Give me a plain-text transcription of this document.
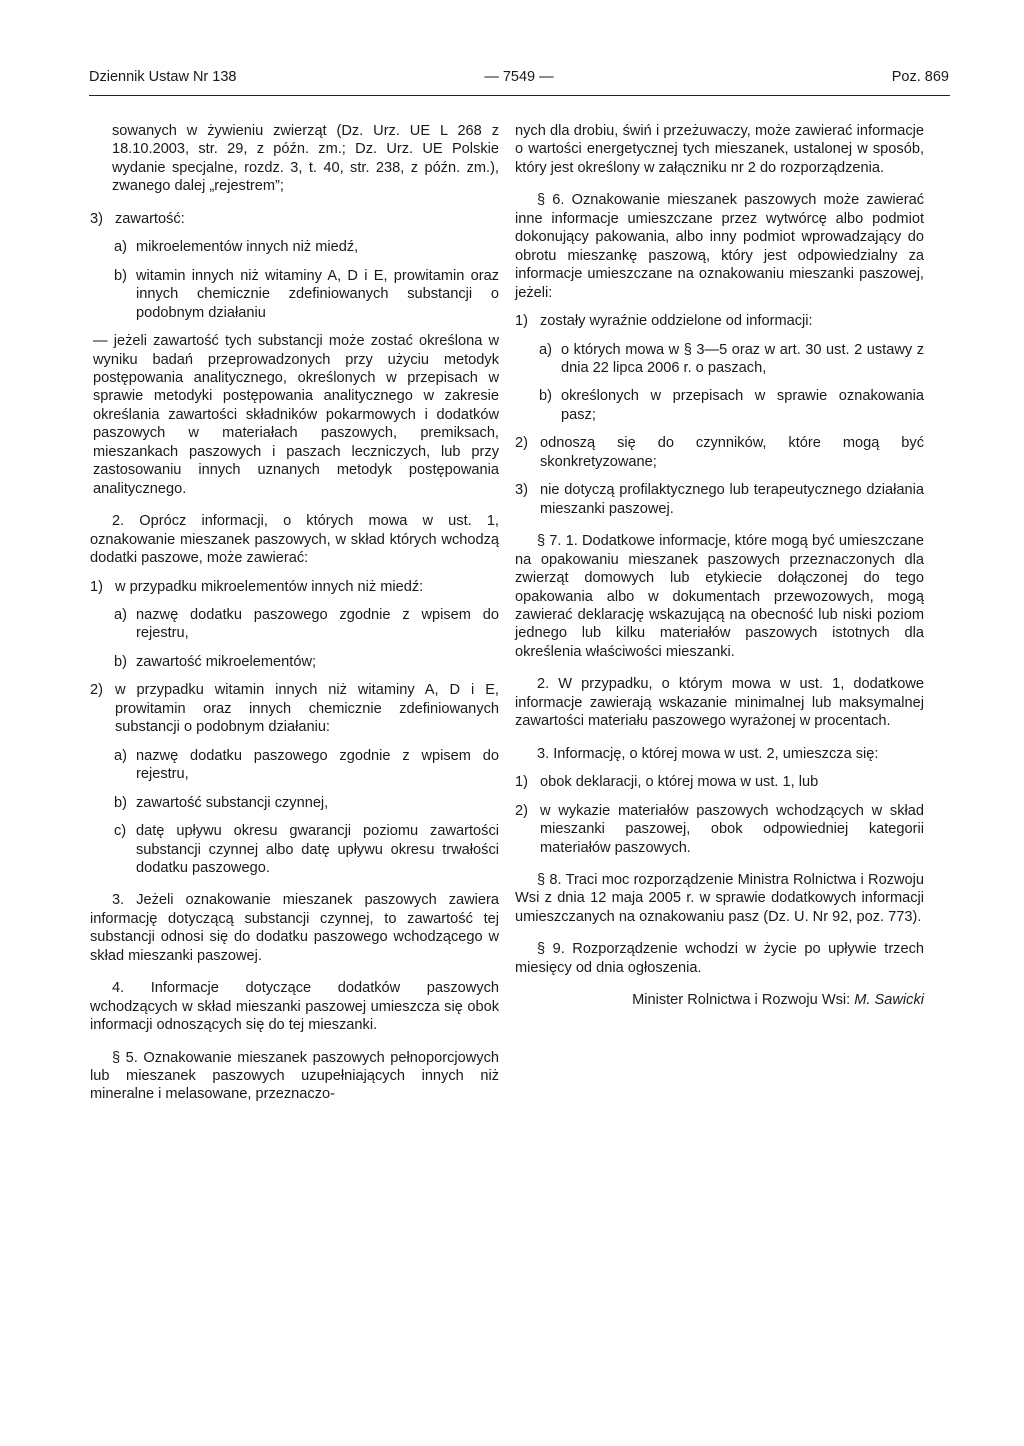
Dziennik Ustaw Nr 138	— 7549 —	Poz. 869

sowanych w żywieniu zwierząt (Dz. Urz. UE L 268 z 18.10.2003, str. 29, z późn. zm.; Dz. Urz. UE Polskie wydanie specjalne, rozdz. 3, t. 40, str. 238, z późn. zm.), zwanego dalej „rejestrem”;

3) zawartość:
a) mikroelementów innych niż miedź,
b) witamin innych niż witaminy A, D i E, prowitamin oraz innych chemicznie zdefiniowanych substancji o podobnym działaniu

— jeżeli zawartość tych substancji może zostać określona w wyniku badań przeprowadzonych przy użyciu metodyk postępowania analitycznego, określonych w przepisach w sprawie metodyki postępowania analitycznego w zakresie określania zawartości składników pokarmowych i dodatków paszowych w materiałach paszowych, premiksach, mieszankach paszowych i paszach leczniczych, lub przy zastosowaniu innych uznanych metodyk postępowania analitycznego.

2. Oprócz informacji, o których mowa w ust. 1, oznakowanie mieszanek paszowych, w skład których wchodzą dodatki paszowe, może zawierać:

1) w przypadku mikroelementów innych niż miedź:
a) nazwę dodatku paszowego zgodnie z wpisem do rejestru,
b) zawartość mikroelementów;
2) w przypadku witamin innych niż witaminy A, D i E, prowitamin oraz innych chemicznie zdefiniowanych substancji o podobnym działaniu:
a) nazwę dodatku paszowego zgodnie z wpisem do rejestru,
b) zawartość substancji czynnej,
c) datę upływu okresu gwarancji poziomu zawartości substancji czynnej albo datę upływu okresu trwałości dodatku paszowego.

3. Jeżeli oznakowanie mieszanek paszowych zawiera informację dotyczącą substancji czynnej, to zawartość tej substancji odnosi się do dodatku paszowego wchodzącego w skład mieszanki paszowej.

4. Informacje dotyczące dodatków paszowych wchodzących w skład mieszanki paszowej umieszcza się obok informacji odnoszących się do tej mieszanki.

§ 5. Oznakowanie mieszanek paszowych pełnoporcjowych lub mieszanek paszowych uzupełniających innych niż mineralne i melasowane, przeznaczo-

nych dla drobiu, świń i przeżuwaczy, może zawierać informacje o wartości energetycznej tych mieszanek, ustalonej w sposób, który jest określony w załączniku nr 2 do rozporządzenia.

§ 6. Oznakowanie mieszanek paszowych może zawierać inne informacje umieszczane przez wytwórcę albo podmiot dokonujący pakowania, albo inny podmiot wprowadzający do obrotu mieszankę paszową, który jest odpowiedzialny za informacje umieszczane na oznakowaniu mieszanki paszowej, jeżeli:

1) zostały wyraźnie oddzielone od informacji:
a) o których mowa w § 3—5 oraz w art. 30 ust. 2 ustawy z dnia 22 lipca 2006 r. o paszach,
b) określonych w przepisach w sprawie oznakowania pasz;
2) odnoszą się do czynników, które mogą być skonkretyzowane;
3) nie dotyczą profilaktycznego lub terapeutycznego działania mieszanki paszowej.

§ 7. 1. Dodatkowe informacje, które mogą być umieszczane na opakowaniu mieszanek paszowych przeznaczonych dla zwierząt domowych lub etykiecie dołączonej do tego opakowania albo w dokumentach przewozowych, mogą zawierać deklarację wskazującą na obecność lub niski poziom jednego lub kilku materiałów paszowych istotnych dla określenia właściwości mieszanki.

2. W przypadku, o którym mowa w ust. 1, dodatkowe informacje zawierają wskazanie minimalnej lub maksymalnej zawartości materiału paszowego wyrażonej w procentach.

3. Informację, o której mowa w ust. 2, umieszcza się:

1) obok deklaracji, o której mowa w ust. 1, lub
2) w wykazie materiałów paszowych wchodzących w skład mieszanki paszowej, obok odpowiedniej kategorii materiałów paszowych.

§ 8. Traci moc rozporządzenie Ministra Rolnictwa i Rozwoju Wsi z dnia 12 maja 2005 r. w sprawie dodatkowych informacji umieszczanych na oznakowaniu pasz (Dz. U. Nr 92, poz. 773).

§ 9. Rozporządzenie wchodzi w życie po upływie trzech miesięcy od dnia ogłoszenia.

Minister Rolnictwa i Rozwoju Wsi: M. Sawicki
